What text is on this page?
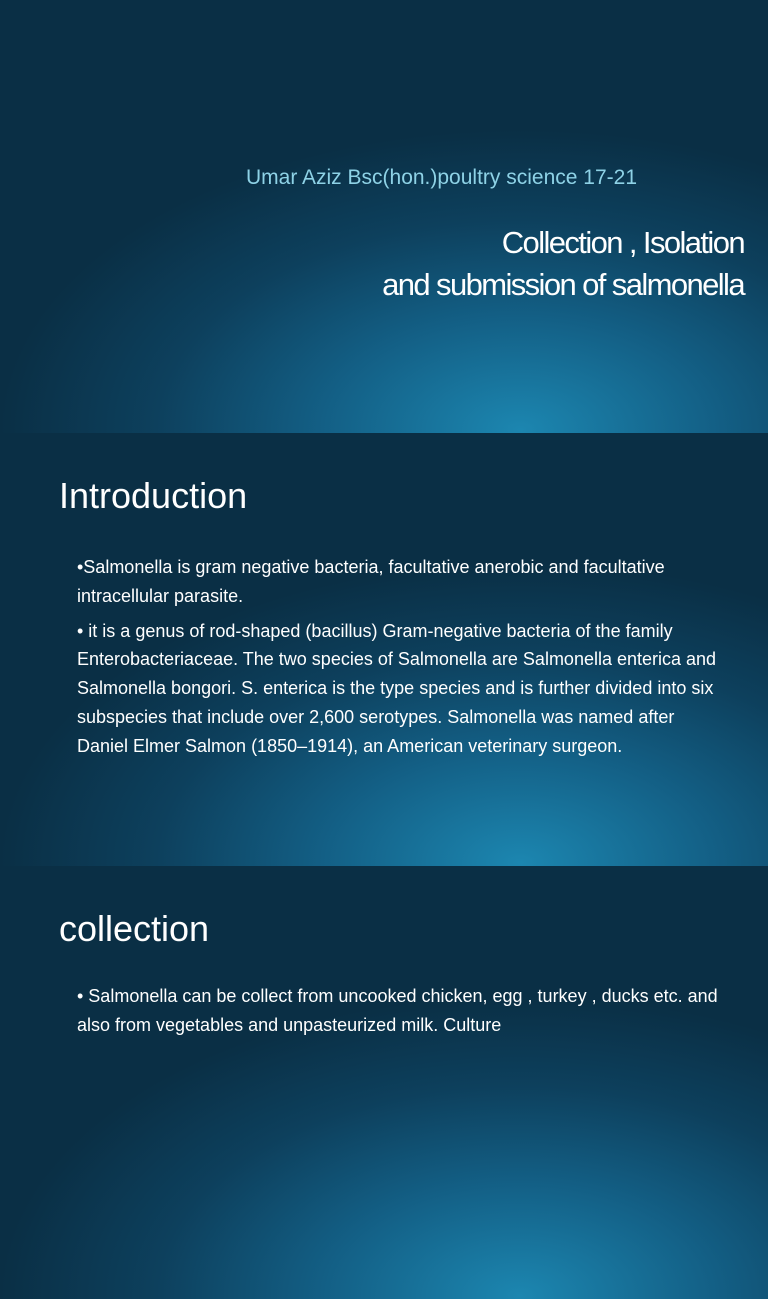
Umar Aziz Bsc(hon.)poultry science 17-21
Collection , Isolation
and submission of salmonella
Introduction

•Salmonella is gram negative bacteria, facultative anerobic and facultative intracellular parasite.

• it is a genus of rod-shaped (bacillus) Gram-negative bacteria of the family Enterobacteriaceae. The two species of Salmonella are Salmonella enterica and Salmonella bongori. S. enterica is the type species and is further divided into six subspecies that include over 2,600 serotypes. Salmonella was named after Daniel Elmer Salmon (1850–1914), an American veterinary surgeon.

collection

• Salmonella can be collect from uncooked chicken, egg , turkey , ducks etc. and also from vegetables and unpasteurized milk. Culture
